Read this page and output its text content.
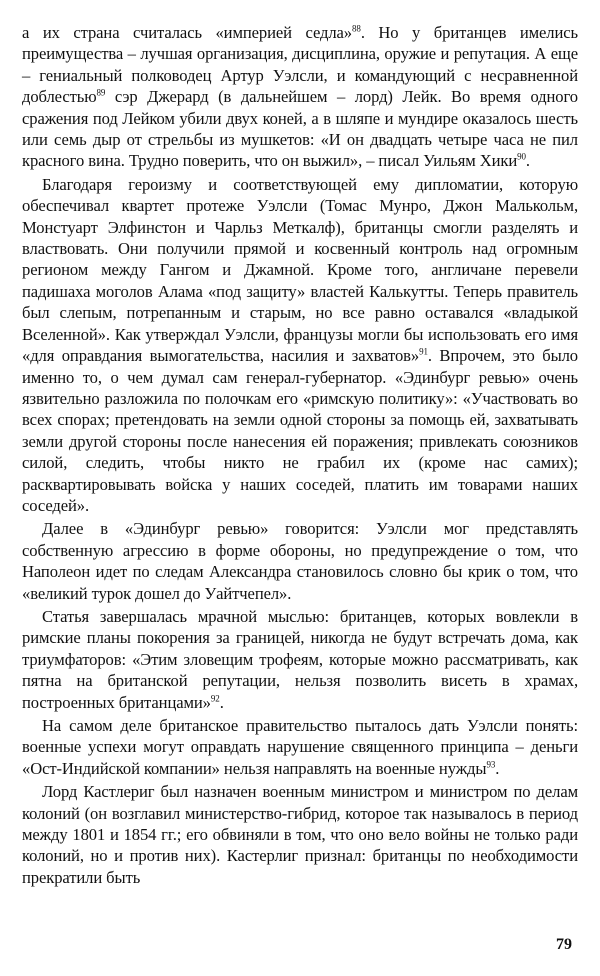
а их страна считалась «империей седла»$^{88}$. Но у британцев имелись преимущества – лучшая организация, дисциплина, оружие и репутация. А еще – гениальный полководец Артур Уэлсли, и командующий с несравненной доблестью$^{89}$ сэр Джерард (в дальнейшем – лорд) Лейк. Во время одного сражения под Лейком убили двух коней, а в шляпе и мундире оказалось шесть или семь дыр от стрельбы из мушкетов: «И он двадцать четыре часа не пил красного вина. Трудно поверить, что он выжил», – писал Уильям Хики$^{90}$.

Благодаря героизму и соответствующей ему дипломатии, которую обеспечивал квартет протеже Уэлсли (Томас Мунро, Джон Малькольм, Монстуарт Элфинстон и Чарльз Меткалф), британцы смогли разделять и властвовать. Они получили прямой и косвенный контроль над огромным регионом между Гангом и Джамной. Кроме того, англичане перевели падишаха моголов Алама «под защиту» властей Калькутты. Теперь правитель был слепым, потрепанным и старым, но все равно оставался «владыкой Вселенной». Как утверждал Уэлсли, французы могли бы использовать его имя «для оправдания вымогательства, насилия и захватов»$^{91}$. Впрочем, это было именно то, о чем думал сам генерал-губернатор. «Эдинбург ревью» очень язвительно разложила по полочкам его «римскую политику»: «Участвовать во всех спорах; претендовать на земли одной стороны за помощь ей, захватывать земли другой стороны после нанесения ей поражения; привлекать союзников силой, следить, чтобы никто не грабил их (кроме нас самих); расквартировывать войска у наших соседей, платить им товарами наших соседей».

Далее в «Эдинбург ревью» говорится: Уэлсли мог представлять собственную агрессию в форме обороны, но предупреждение о том, что Наполеон идет по следам Александра становилось словно бы крик о том, что «великий турок дошел до Уайтчепел».

Статья завершалась мрачной мыслью: британцев, которых вовлекли в римские планы покорения за границей, никогда не будут встречать дома, как триумфаторов: «Этим зловещим трофеям, которые можно рассматривать, как пятна на британской репутации, нельзя позволить висеть в храмах, построенных британцами»$^{92}$.

На самом деле британское правительство пыталось дать Уэлсли понять: военные успехи могут оправдать нарушение священного принципа – деньги «Ост-Индийской компании» нельзя направлять на военные нужды$^{93}$.

Лорд Кастлериг был назначен военным министром и министром по делам колоний (он возглавил министерство-гибрид, которое так называлось в период между 1801 и 1854 гг.; его обвиняли в том, что оно вело войны не только ради колоний, но и против них). Кастерлиг признал: британцы по необходимости прекратили быть

79
